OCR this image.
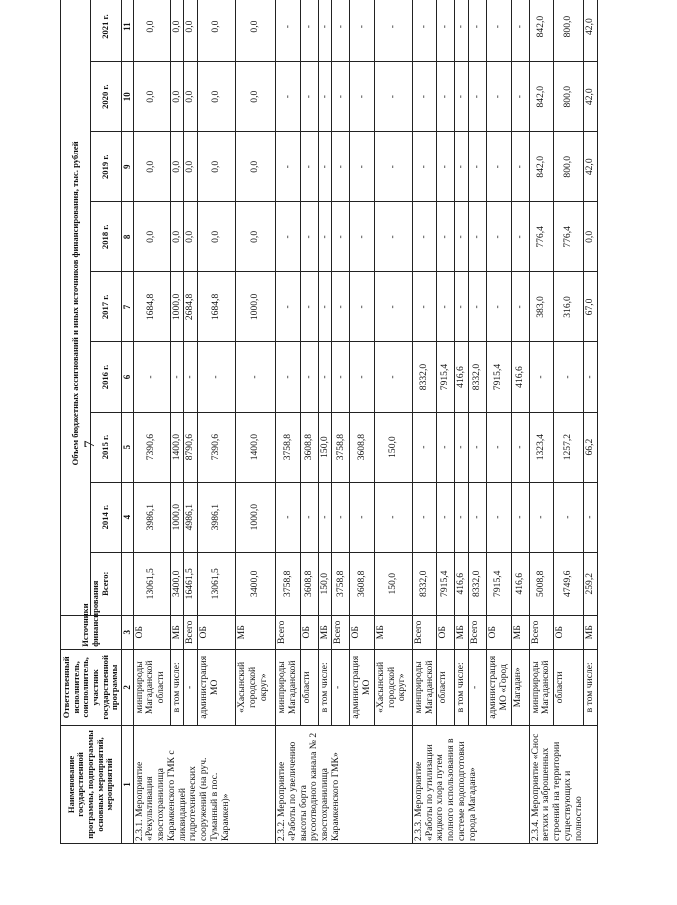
7
Наименование государственной программы, подпрограммы основных мероприятий, мероприятий	Ответственный исполнитель, соисполнитель, участник государственной программы	Источники финансирования	Объем бюджетных ассигнований и иных источников финансирования, тыс. рублей								
			Всего:	2014 г.	2015 г.	2016 г.	2017 г.	2018 г.	2019 г.	2020 г.	2021 г.
1	2	3		4	5	6	7	8	9	10	11
2.3.1. Мероприятие «Рекультивация хвостохранилища Карамкенского ГМК с ликвидацией гидротехнических сооружений (на руч. Туманный в пос. Карамкен)»	минприроды Магаданской области	ОБ	13061,5	3986,1	7390,6	-	1684,8	0,0	0,0	0,0	0,0
	в том числе:	МБ	3400,0	1000,0	1400,0	-	1000,0	0,0	0,0	0,0	0,0
	-	Всего	16461,5	4986,1	8790,6	-	2684,8	0,0	0,0	0,0	0,0
	администрация МО	ОБ	13061,5	3986,1	7390,6	-	1684,8	0,0	0,0	0,0	0,0
	«Хасынский городской округ»	МБ	3400,0	1000,0	1400,0	-	1000,0	0,0	0,0	0,0	0,0
2.3.2. Мероприятие «Работы по увеличению высоты борта русоотводного канала № 2 хвостохранилища Карамкенского ГМК»	минприроды Магаданской	Всего	3758,8	-	3758,8	-	-	-	-	-	-
	области	ОБ	3608,8	-	3608,8	-	-	-	-	-	-
	в том числе:	МБ	150,0	-	150,0	-	-	-	-	-	-
	-	Всего	3758,8	-	3758,8	-	-	-	-	-	-
	администрация МО	ОБ	3608,8	-	3608,8	-	-	-	-	-	-
	«Хасынский городской округ»	МБ	150,0	-	150,0	-	-	-	-	-	-
2.3.3. Мероприятие «Работы по утилизации жидкого хлора путем полного использования в системе водоподготовки города Магадана»	минприроды Магаданской	Всего	8332,0	-	-	8332,0	-	-	-	-	-
	области	ОБ	7915,4	-	-	7915,4	-	-	-	-	-
	в том числе:	МБ	416,6	-	-	416,6	-	-	-	-	-
	-	Всего	8332,0	-	-	8332,0	-	-	-	-	-
	администрация МО «Город	ОБ	7915,4	-	-	7915,4	-	-	-	-	-
	Магадан»	МБ	416,6	-	-	416,6	-	-	-	-	-
2.3.4. Мероприятие «Снос ветхих и заброшенных строений на территории существующих и полностью	минприроды Магаданской	Всего	5008,8	-	1323,4	-	383,0	776,4	842,0	842,0	842,0
	области	ОБ	4749,6	-	1257,2	-	316,0	776,4	800,0	800,0	800,0
	в том числе:	МБ	259,2	-	66,2	-	67,0	0,0	42,0	42,0	42,0
